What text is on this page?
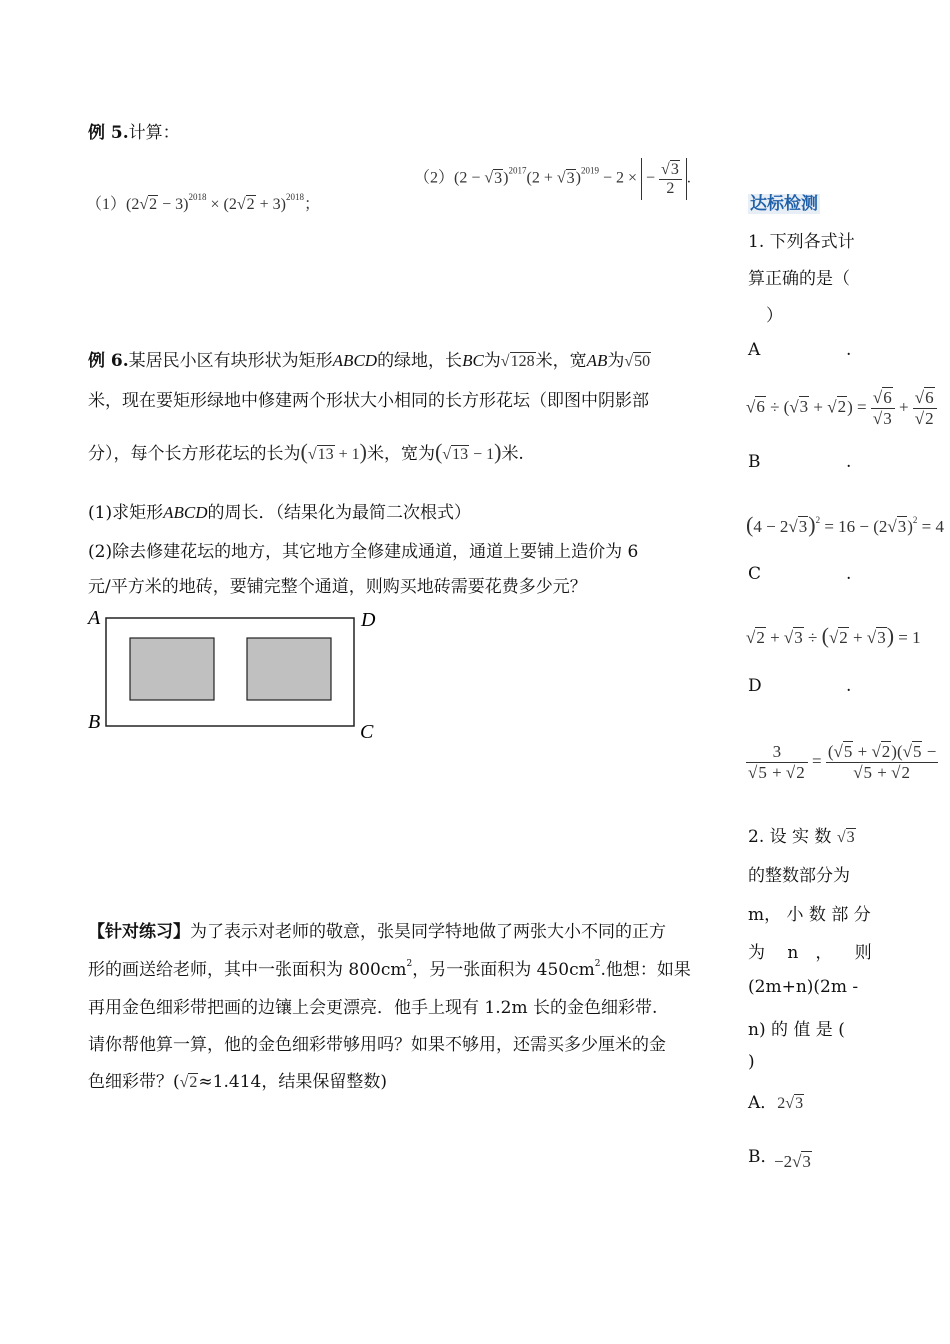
例 5.计算：
$(1)(2√2 - 3)^{2018} \times (2√2 + 3)^{2018}$；
$(2)(2 - √3)^{2017}(2 + √3)^{2019} - 2$ ×  − $\frac{√3}{2}$ .
例 6.某居民小区有块形状为矩形ABCD的绿地，长BC为√128米，宽AB为√50
米，现在要矩形绿地中修建两个形状大小相同的长方形花坛（即图中阴影部
分），每个长方形花坛的长为(√13 + 1)米，宽为(√13 − 1)米.
(1)求矩形ABCD的周长．（结果化为最简二次根式）
(2)除去修建花坛的地方，其它地方全修建成通道，通道上要铺上造价为 6
元/平方米的地砖，要铺完整个通道，则购买地砖需要花费多少元？
A
B	C
D
【针对练习】为了表示对老师的敬意，张昊同学特地做了两张大小不同的正方
形的画送给老师，其中一张面积为 $800cm^2$，另一张面积为 $450cm^2$.他想：如果
再用金色细彩带把画的边镶上会更漂亮．他手上现有 1.2m 长的金色细彩带.
请你帮他算一算，他的金色细彩带够用吗？如果不够用，还需买多少厘米的金
色细彩带？(√2≈1.414，结果保留整数)
达标检测
1. 下列各式计
算正确的是（
）
A	.
$√6 \div (√3 + √2) = \frac{√6}{√3} + \frac{√6}{√2}$
B	.
$(4 - 2√3)^2 = 16 - (2√3)^2 = 4$
C	.
√2 + √3 ÷ (√2 + √3) = 1
D	.
$\frac{3}{√5 + √2} = \frac{(√5 + √2)(√5 -}{√5 + √2}$
2. 设 实 数 √3
的整数部分为
m， 小 数 部 分
为 　n　， 　则
(2m+n)(2m -
n) 的 值 是 (
)
A．2√3
B．
−2√3
